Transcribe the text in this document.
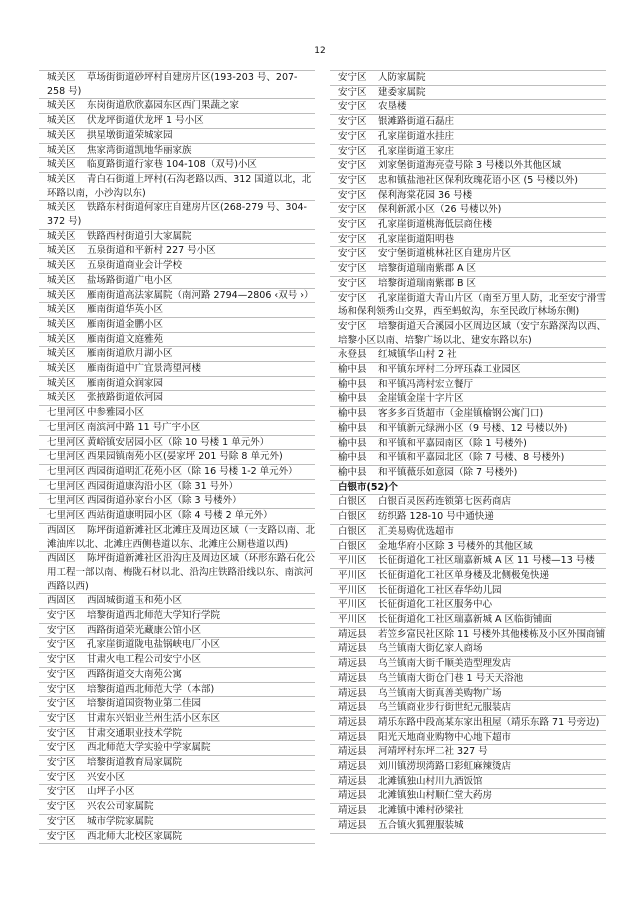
12
城关区 草场街街道砂坪村自建房片区(193-203 号、207-258 号)
城关区 东岗街道欣欣嘉园东区西门果蔬之家
城关区 伏龙坪街道伏龙坪 1 号小区
城关区 拱星墩街道荣城家园
城关区 焦家湾街道凯地华丽家族
城关区 临夏路街道行家巷 104-108（双号)小区
城关区 青白石街道上坪村(石沟老路以西、312 国道以北，北环路以南，小沙沟以东)
城关区 铁路东村街道何家庄自建房片区(268-279 号、304-372 号)
城关区 铁路西村街道引大家属院
城关区 五泉街道和平新村 227 号小区
城关区 五泉街道商业会计学校
城关区 盐场路街道广电小区
城关区 雁南街道高法家属院（南河路 2794—2806 ‹双号 ›）
城关区 雁南街道华英小区
城关区 雁南街道金鹏小区
城关区 雁南街道文庭雅苑
城关区 雁南街道欣月湖小区
城关区 雁南街道中广宜景湾望河楼
城关区 雁南街道众润家园
城关区 张掖路街道依河园
七里河区 中参雅园小区
七里河区 南滨河中路 11 号广宇小区
七里河区 黄峪镇安居园小区（除 10 号楼 1 单元外）
七里河区 西果园镇南苑小区(晏家坪 201 号除 8 单元外)
七里河区 西园街道明汇花苑小区（除 16 号楼 1-2 单元外）
七里河区 西园街道康沟沿小区（除 31 号外）
七里河区 西园街道孙家台小区（除 3 号楼外）
七里河区 西站街道康明园小区（除 4 号楼 2 单元外）
西固区 陈坪街道新滩社区北滩庄及周边区域（一支路以南、北滩油库以北、北滩庄西侧巷道以东、北滩庄公厕巷道以西)
西固区 陈坪街道新滩社区沿沟庄及周边区域（环形东路石化公用工程一部以南、梅陇石材以北、沿沟庄铁路沿线以东、南滨河西路以西)
西固区 西固城街道玉和苑小区
安宁区 培黎街道西北师范大学知行学院
安宁区 西路街道荣光藏康公馆小区
安宁区 孔家崖街道陇电盐锅峡电厂小区
安宁区 甘肃火电工程公司安宁小区
安宁区 西路街道交大南苑公寓
安宁区 培黎街道西北师范大学（本部)
安宁区 培黎街道国资物业第二佳园
安宁区 甘肃东兴铝业兰州生活小区东区
安宁区 甘肃交通职业技术学院
安宁区 西北师范大学实验中学家属院
安宁区 培黎街道教育局家属院
安宁区 兴安小区
安宁区 山坪子小区
安宁区 兴农公司家属院
安宁区 城市学院家属院
安宁区 西北师大北校区家属院
安宁区 人防家属院
安宁区 建委家属院
安宁区 农垦楼
安宁区 银滩路街道石磊庄
安宁区 孔家崖街道水挂庄
安宁区 孔家崖街道王家庄
安宁区 刘家堡街道海亮壹号除 3 号楼以外其他区域
安宁区 忠和镇盐池社区保利玫瑰花语小区 (5 号楼以外)
安宁区 保利海棠花园 36 号楼
安宁区 保利新派小区（26 号楼以外)
安宁区 孔家崖街道桃海低层商住楼
安宁区 孔家崖街道阳明巷
安宁区 安宁堡街道桃林社区自建房片区
安宁区 培黎街道瑞南紫郡 A 区
安宁区 培黎街道瑞南紫郡 B 区
安宁区 孔家崖街道大青山片区（南至万里人防，北至安宁滑雪场和保利领秀山交界，西至蚂蚁沟，东至民政厅林场东侧)
安宁区 培黎街道天合溪园小区周边区域（安宁东路深沟以西、培黎小区以南、培黎广场以北、建安东路以东)
永登县 红城镇华山村 2 社
榆中县 和平镇东坪村二分坪珏森工业园区
榆中县 和平镇冯湾村宏立餐厅
榆中县 金崖镇金崖十字片区
榆中县 客多多百货超市（金崖镇榆钢公寓门口)
榆中县 和平镇新元绿洲小区（9 号楼、12 号楼以外)
榆中县 和平镇和平嘉园南区（除 1 号楼外)
榆中县 和平镇和平嘉园北区（除 7 号楼、8 号楼外)
榆中县 和平镇薇乐如意园（除 7 号楼外)
白银市(52)个
白银区 白银百灵医药连锁第七医药商店
白银区 纺织路 128-10 号中通快递
白银区 汇美易购优选超市
白银区 金地华府小区除 3 号楼外的其他区域
平川区 长征街道化工社区瑞嘉新城 A 区 11 号楼—13 号楼
平川区 长征街道化工社区单身楼及北侧极兔快递
平川区 长征街道化工社区春华幼儿园
平川区 长征街道化工社区服务中心
平川区 长征街道化工社区瑞嘉新城 A 区临街铺面
靖远县 若笠乡富民社区除 11 号楼外其他楼栋及小区外围商铺
靖远县 乌兰镇南大街亿家人商场
靖远县 乌兰镇南大街千顺美造型理发店
靖远县 乌兰镇南大街仓门巷 1 号天天浴池
靖远县 乌兰镇南大街真善美购物广场
靖远县 乌兰镇商业步行街世纪元服装店
靖远县 靖乐东路中段高某东家出租屋（靖乐东路 71 号旁边)
靖远县 阳光天地商业购物中心地下超市
靖远县 河靖坪村东坪二社 327 号
靖远县 刘川镇涝坝湾路口彩虹麻辣烫店
靖远县 北滩镇独山村川九酒饭馆
靖远县 北滩镇独山村顺仁堂大药房
靖远县 北滩镇中滩村砂梁社
靖远县 五合镇火狐狸服装城
